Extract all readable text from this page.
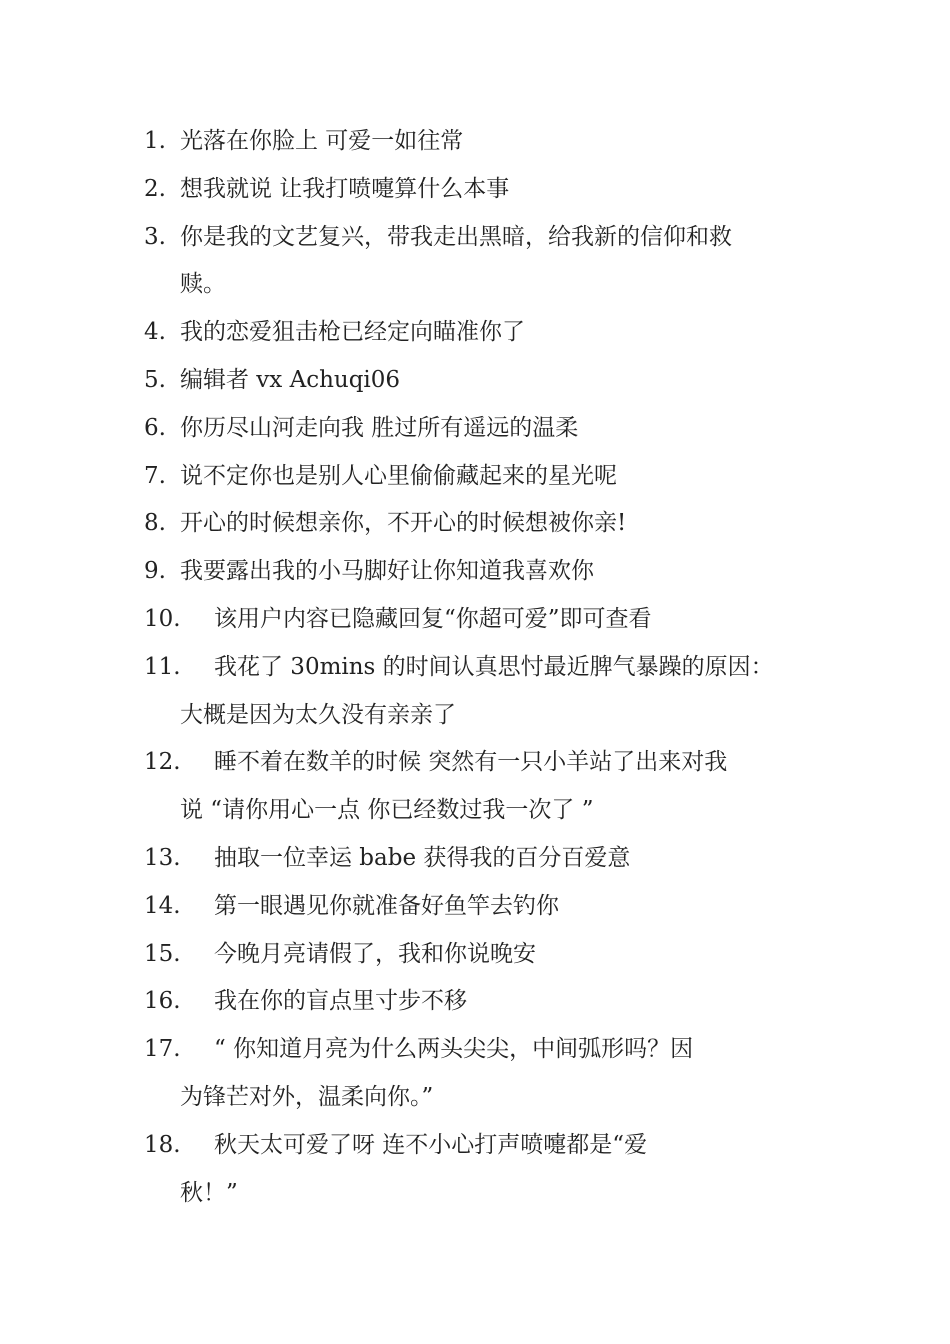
1. 光落在你脸上 可爱一如往常
2. 想我就说 让我打喷嚏算什么本事
3. 你是我的文艺复兴，带我走出黑暗，给我新的信仰和救
赎。
4. 我的恋爱狙击枪已经定向瞄准你了
5. 编辑者 vx Achuqi06
6. 你历尽山河走向我 胜过所有遥远的温柔
7. 说不定你也是别人心里偷偷藏起来的星光呢
8. 开心的时候想亲你，不开心的时候想被你亲!
9. 我要露出我的小马脚好让你知道我喜欢你
10.	该用户内容已隐藏回复“你超可爱”即可查看
11.	我花了 30mins 的时间认真思忖最近脾气暴躁的原因：
大概是因为太久没有亲亲了
12.	睡不着在数羊的时候 突然有一只小羊站了出来对我
说 “请你用心一点 你已经数过我一次了 ”
13.	抽取一位幸运 babe 获得我的百分百爱意
14.	第一眼遇见你就准备好鱼竿去钓你
15.	今晚月亮请假了，我和你说晚安
16.	我在你的盲点里寸步不移
17.	“ 你知道月亮为什么两头尖尖，中间弧形吗？因
为锋芒对外，温柔向你。”
18.	秋天太可爱了呀 连不小心打声喷嚏都是“爱
秋！”
